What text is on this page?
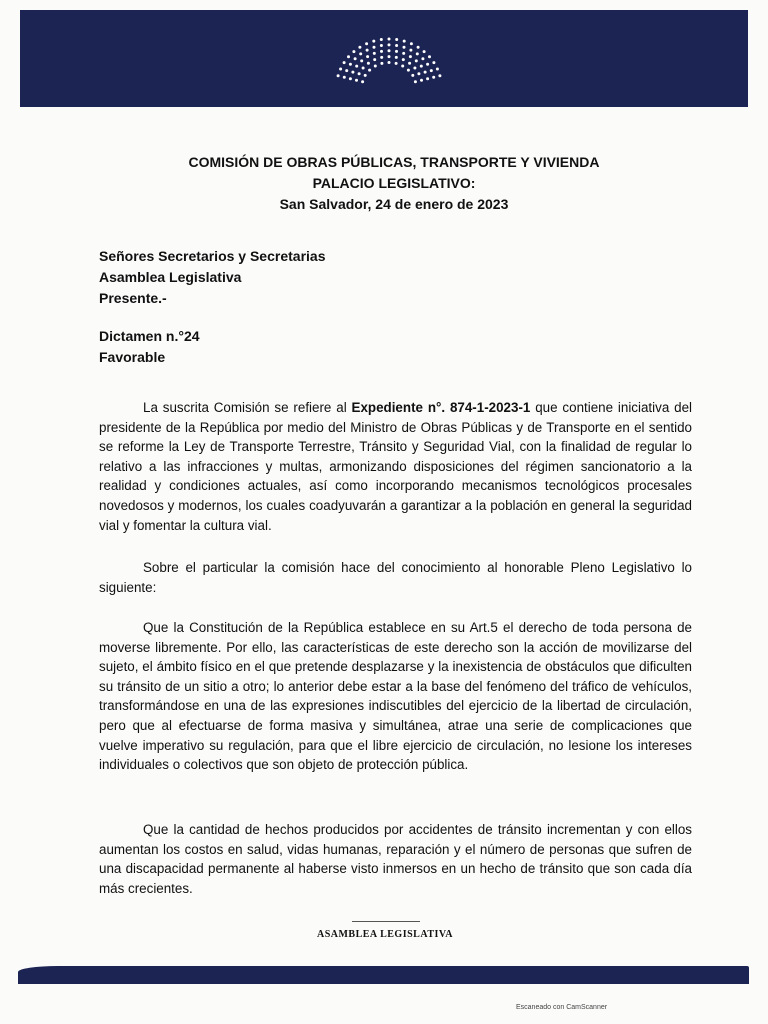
COMISIÓN DE OBRAS PÚBLICAS, TRANSPORTE Y VIVIENDA
PALACIO LEGISLATIVO:
San Salvador, 24 de enero de 2023
Señores Secretarios y Secretarias
Asamblea Legislativa
Presente.-
Dictamen n.°24
Favorable

La suscrita Comisión se refiere al Expediente n°. 874-1-2023-1 que contiene iniciativa del presidente de la República por medio del Ministro de Obras Públicas y de Transporte en el sentido se reforme la Ley de Transporte Terrestre, Tránsito y Seguridad Vial, con la finalidad de regular lo relativo a las infracciones y multas, armonizando disposiciones del régimen sancionatorio a la realidad y condiciones actuales, así como incorporando mecanismos tecnológicos procesales novedosos y modernos, los cuales coadyuvarán a garantizar a la población en general la seguridad vial y fomentar la cultura vial.

Sobre el particular la comisión hace del conocimiento al honorable Pleno Legislativo lo siguiente:

Que la Constitución de la República establece en su Art.5 el derecho de toda persona de moverse libremente. Por ello, las características de este derecho son la acción de movilizarse del sujeto, el ámbito físico en el que pretende desplazarse y la inexistencia de obstáculos que dificulten su tránsito de un sitio a otro; lo anterior debe estar a la base del fenómeno del tráfico de vehículos, transformándose en una de las expresiones indiscutibles del ejercicio de la libertad de circulación, pero que al efectuarse de forma masiva y simultánea, atrae una serie de complicaciones que vuelve imperativo su regulación, para que el libre ejercicio de circulación, no lesione los intereses individuales o colectivos que son objeto de protección pública.

Que la cantidad de hechos producidos por accidentes de tránsito incrementan y con ellos aumentan los costos en salud, vidas humanas, reparación y el número de personas que sufren de una discapacidad permanente al haberse visto inmersos en un hecho de tránsito que son cada día más crecientes.

ASAMBLEA LEGISLATIVA
Escaneado con CamScanner
